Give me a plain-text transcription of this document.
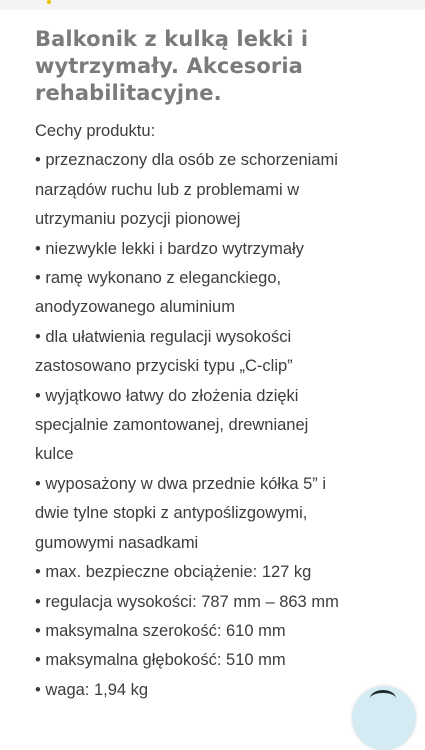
Balkonik z kulką lekki i
wytrzymały. Akcesoria
rehabilitacyjne.
Cechy produktu:
• przeznaczony dla osób ze schorzeniami
narządów ruchu lub z problemami w
utrzymaniu pozycji pionowej
• niezwykle lekki i bardzo wytrzymały
• ramę wykonano z eleganckiego,
anodyzowanego aluminium
• dla ułatwienia regulacji wysokości
zastosowano przyciski typu „C-clip”
• wyjątkowo łatwy do złożenia dzięki
specjalnie zamontowanej, drewnianej
kulce
• wyposażony w dwa przednie kółka 5” i
dwie tylne stopki z antypoślizgowymi,
gumowymi nasadkami
• max. bezpieczne obciążenie: 127 kg
• regulacja wysokości: 787 mm – 863 mm
• maksymalna szerokość: 610 mm
• maksymalna głębokość: 510 mm
• waga: 1,94 kg
